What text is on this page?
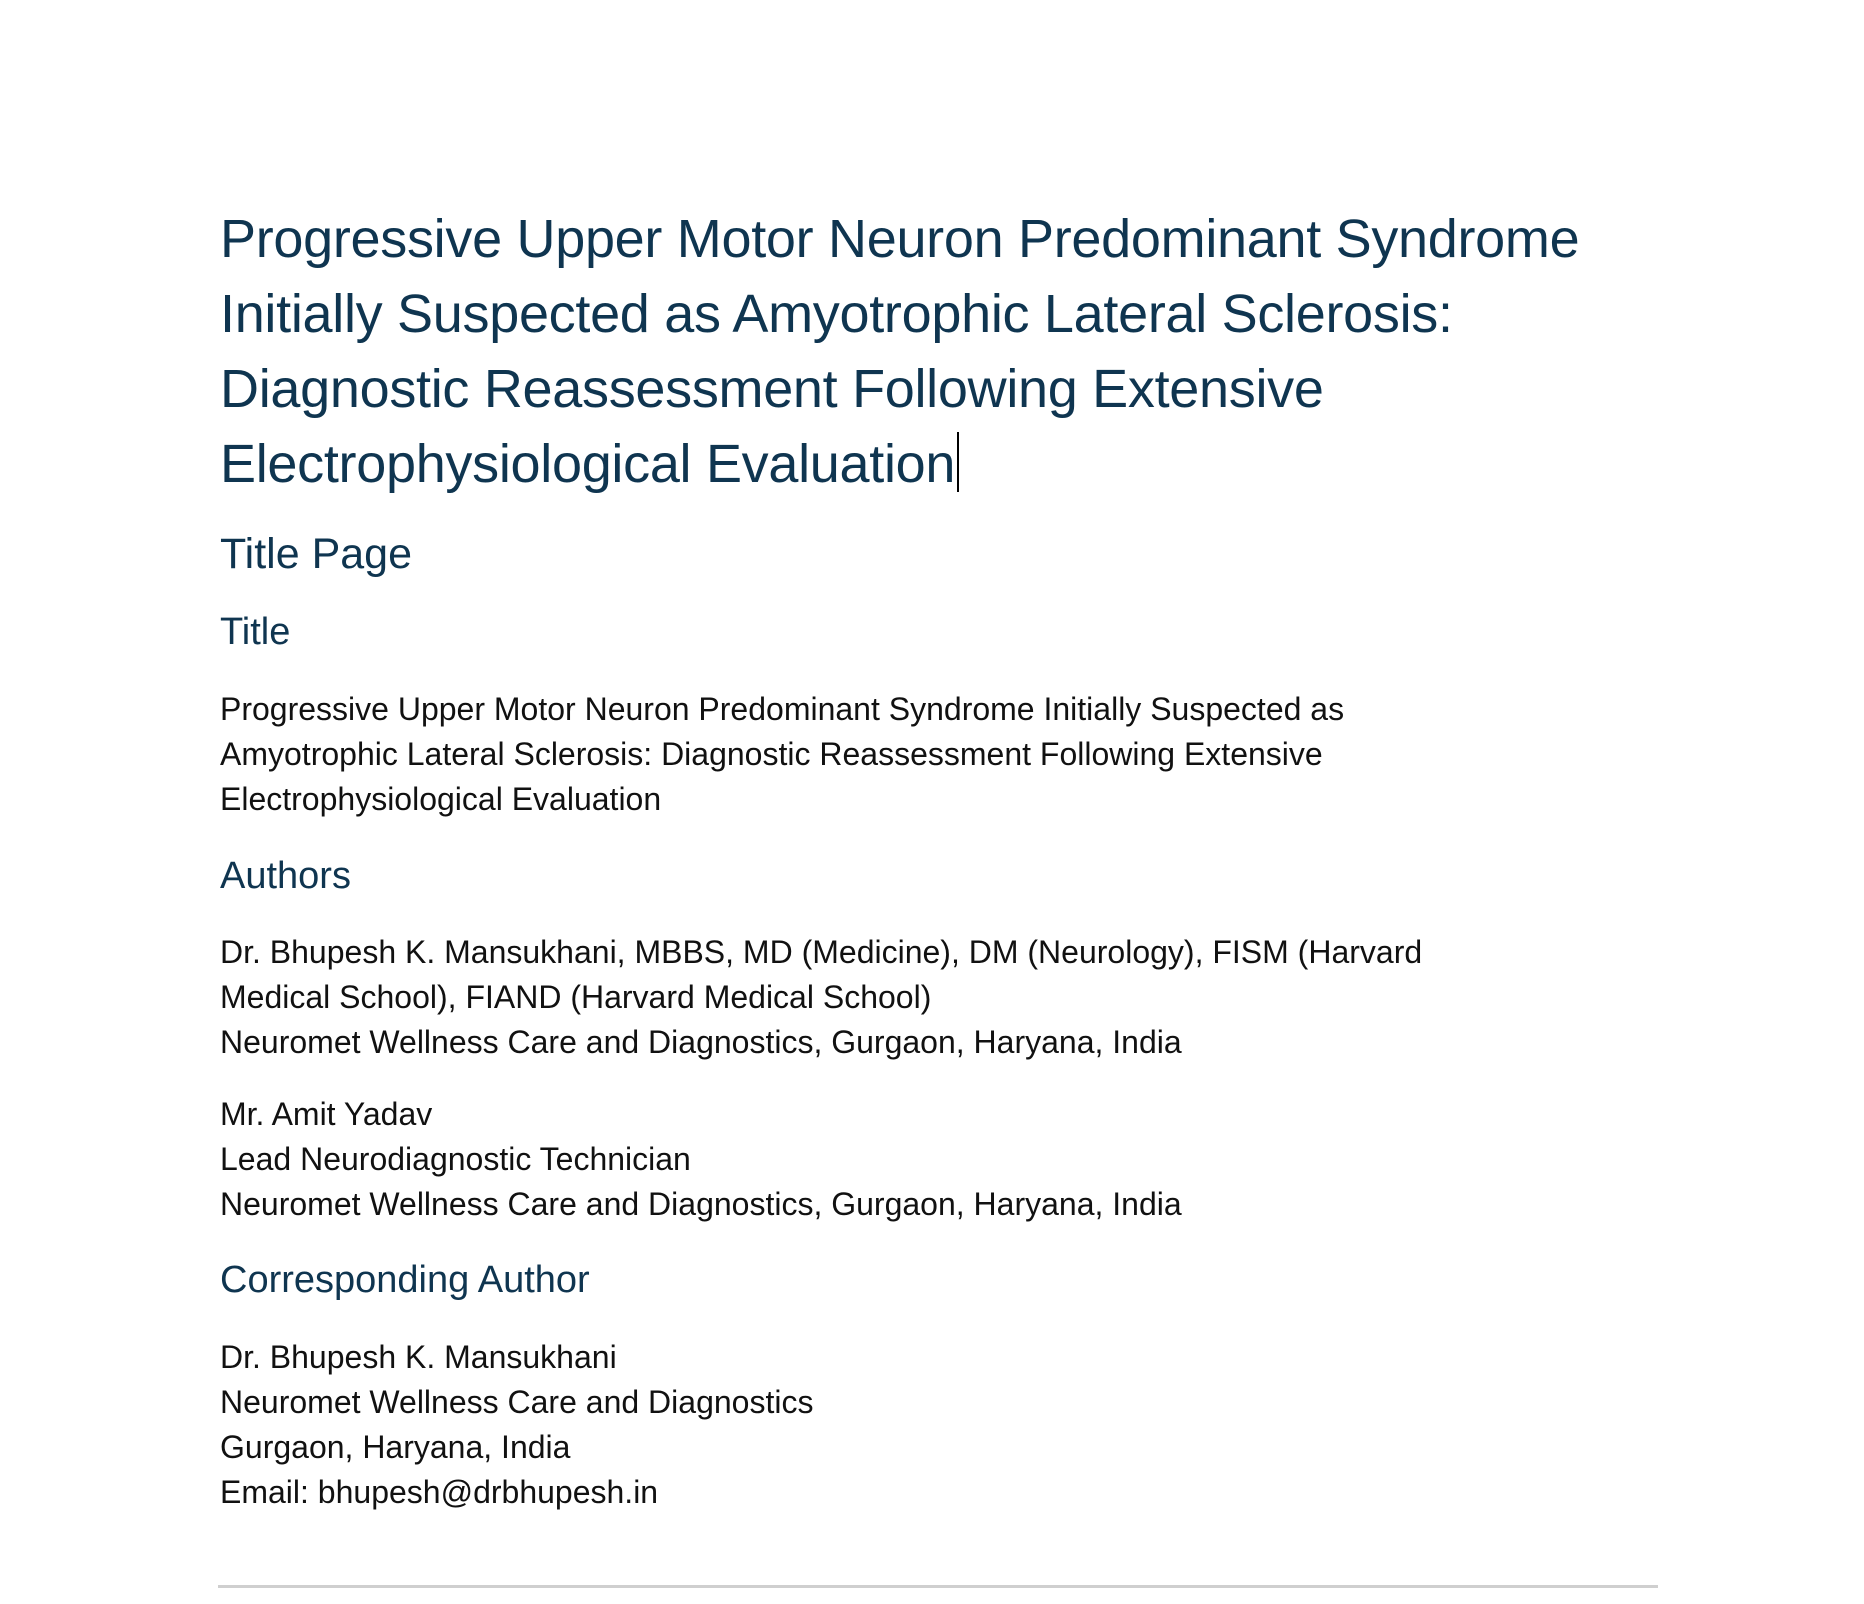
Progressive Upper Motor Neuron Predominant Syndrome
Initially Suspected as Amyotrophic Lateral Sclerosis:
Diagnostic Reassessment Following Extensive
Electrophysiological Evaluation
Title Page
Title
Progressive Upper Motor Neuron Predominant Syndrome Initially Suspected as
Amyotrophic Lateral Sclerosis: Diagnostic Reassessment Following Extensive
Electrophysiological Evaluation
Authors
Dr. Bhupesh K. Mansukhani, MBBS, MD (Medicine), DM (Neurology), FISM (Harvard
Medical School), FIAND (Harvard Medical School)
Neuromet Wellness Care and Diagnostics, Gurgaon, Haryana, India
Mr. Amit Yadav
Lead Neurodiagnostic Technician
Neuromet Wellness Care and Diagnostics, Gurgaon, Haryana, India
Corresponding Author
Dr. Bhupesh K. Mansukhani
Neuromet Wellness Care and Diagnostics
Gurgaon, Haryana, India
Email: bhupesh@drbhupesh.in
